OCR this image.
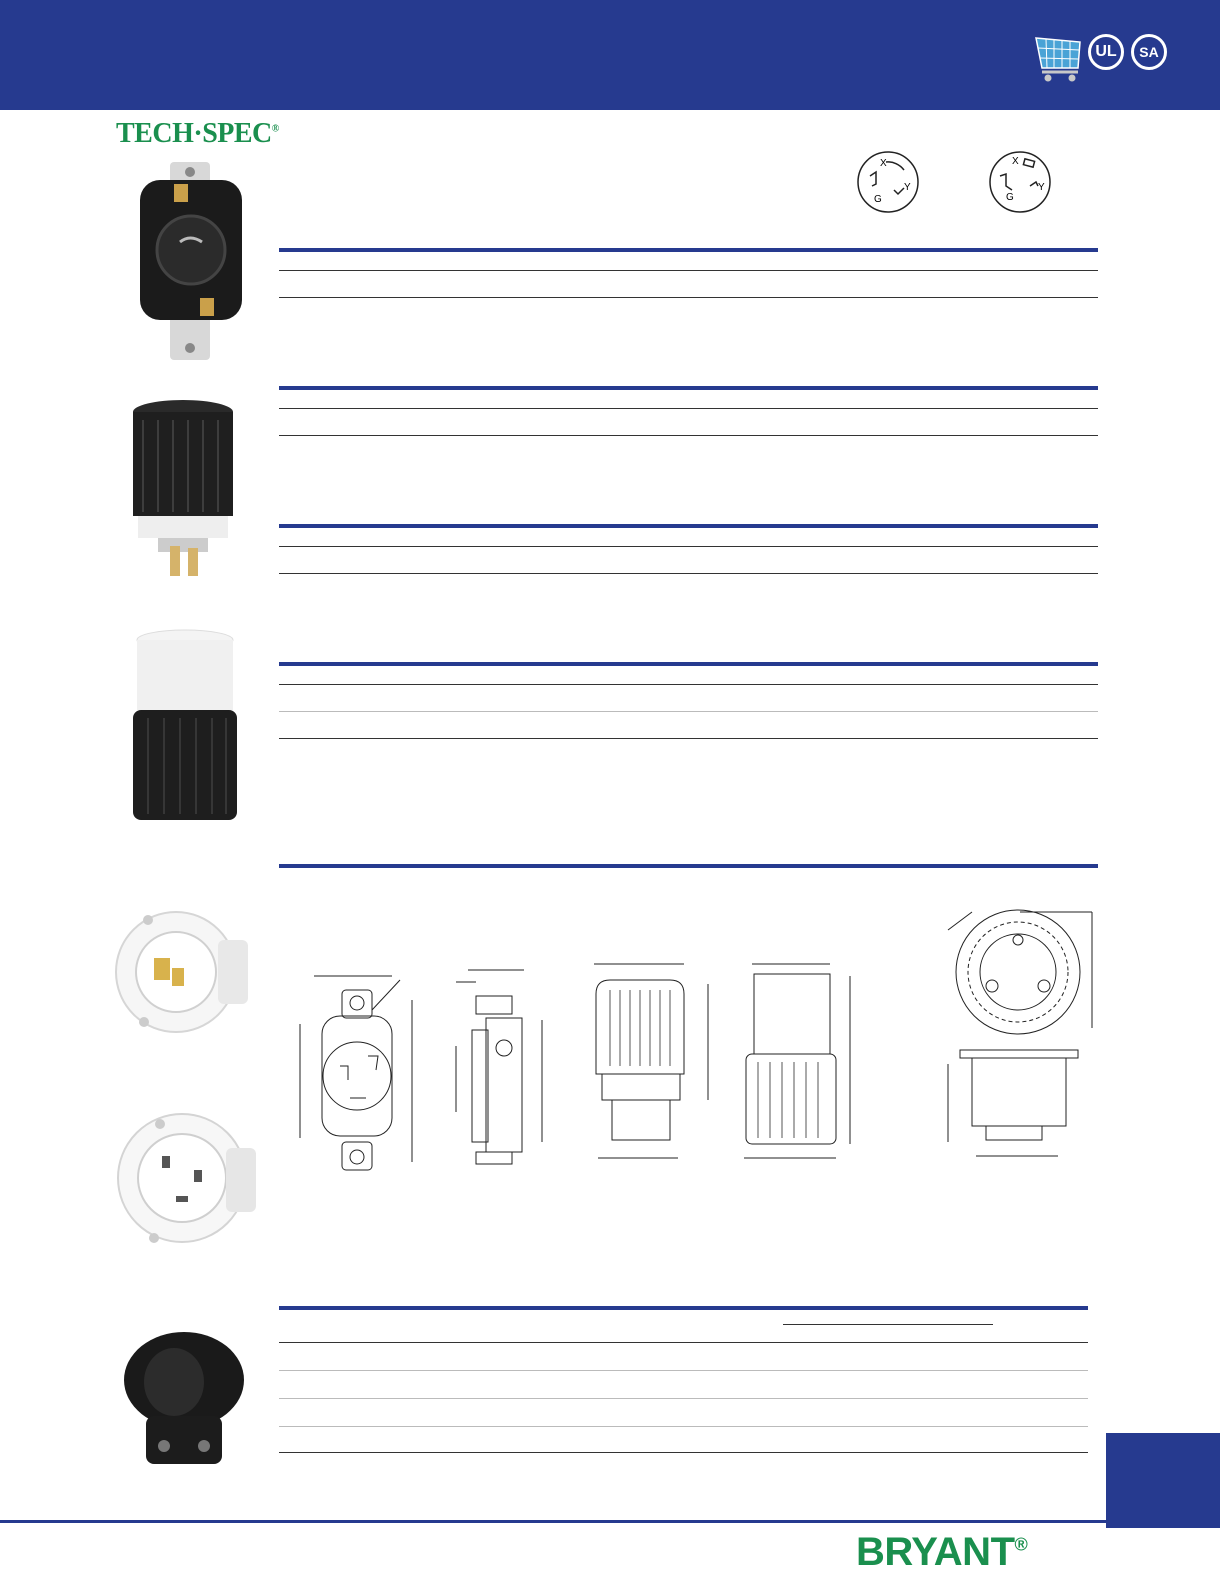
UL SA
TECH·SPEC®
X
Y
G
X
Y
G
BRYANT®
